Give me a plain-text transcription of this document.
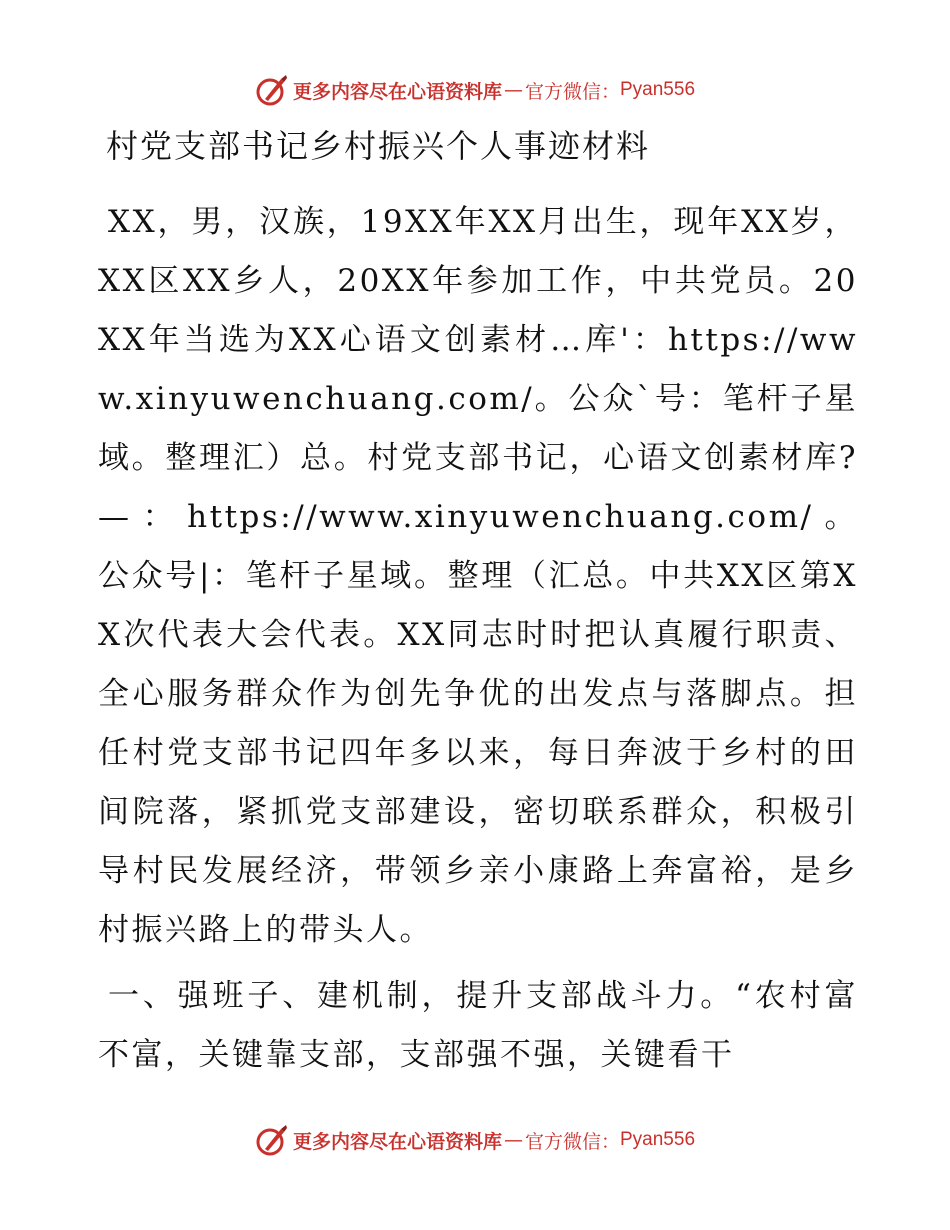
更多内容尽在心语资料库 — 官方微信： Pyan556
村党支部书记乡村振兴个人事迹材料
XX，男，汉族，19XX年XX月出生，现年XX岁，XX区XX乡人，20XX年参加工作，中共党员。20XX年当选为XX心语文创素材…库'：https://www.xinyuwenchuang.com/。公众`号：笔杆子星域。整理汇）总。村党支部书记，心语文创素材库?—：https://www.xinyuwenchuang.com/。公众号|：笔杆子星域。整理（汇总。中共XX区第XX次代表大会代表。XX同志时时把认真履行职责、全心服务群众作为创先争优的出发点与落脚点。担任村党支部书记四年多以来，每日奔波于乡村的田间院落，紧抓党支部建设，密切联系群众，积极引导村民发展经济，带领乡亲小康路上奔富裕，是乡村振兴路上的带头人。
一、强班子、建机制，提升支部战斗力。“农村富不富，关键靠支部，支部强不强，关键看干
更多内容尽在心语资料库 — 官方微信： Pyan556
